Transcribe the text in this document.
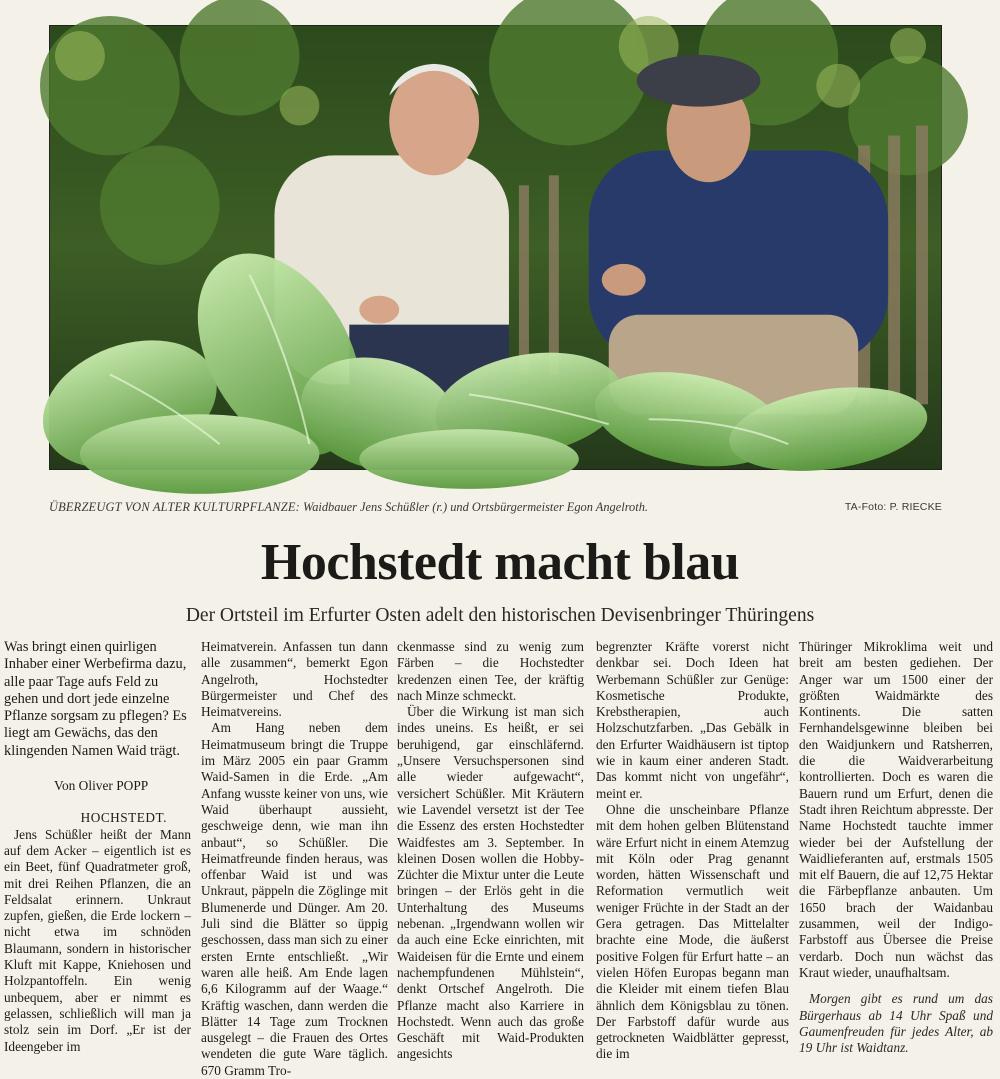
ÜBERZEUGT VON ALTER KULTURPFLANZE: Waidbauer Jens Schüßler (r.) und Ortsbürgermeister Egon Angelroth.	TA-Foto: P. RIECKE
Hochstedt macht blau
Der Ortsteil im Erfurter Osten adelt den historischen Devisenbringer Thüringens

Was bringt einen quirligen Inhaber einer Werbefirma dazu, alle paar Tage aufs Feld zu gehen und dort jede einzelne Pflanze sorgsam zu pflegen? Es liegt am Gewächs, das den klingenden Namen Waid trägt.

Von Oliver POPP

HOCHSTEDT.

Jens Schüßler heißt der Mann auf dem Acker – eigentlich ist es ein Beet, fünf Quadratmeter groß, mit drei Reihen Pflanzen, die an Feldsalat erinnern. Unkraut zupfen, gießen, die Erde lockern – nicht etwa im schnöden Blaumann, sondern in historischer Kluft mit Kappe, Kniehosen und Holzpantoffeln. Ein wenig unbequem, aber er nimmt es gelassen, schließlich will man ja stolz sein im Dorf. „Er ist der Ideengeber im

Heimatverein. Anfassen tun dann alle zusammen“, bemerkt Egon Angelroth, Hochstedter Bürgermeister und Chef des Heimatvereins.

Am Hang neben dem Heimatmuseum bringt die Truppe im März 2005 ein paar Gramm Waid-Samen in die Erde. „Am Anfang wusste keiner von uns, wie Waid überhaupt aussieht, geschweige denn, wie man ihn anbaut“, so Schüßler. Die Heimatfreunde finden heraus, was offenbar Waid ist und was Unkraut, päppeln die Zöglinge mit Blumenerde und Dünger. Am 20. Juli sind die Blätter so üppig geschossen, dass man sich zu einer ersten Ernte entschließt. „Wir waren alle heiß. Am Ende lagen 6,6 Kilogramm auf der Waage.“ Kräftig waschen, dann werden die Blätter 14 Tage zum Trocknen ausgelegt – die Frauen des Ortes wendeten die gute Ware täglich. 670 Gramm Tro-

ckenmasse sind zu wenig zum Färben – die Hochstedter kredenzen einen Tee, der kräftig nach Minze schmeckt.

Über die Wirkung ist man sich indes uneins. Es heißt, er sei beruhigend, gar einschläfernd. „Unsere Versuchspersonen sind alle wieder aufgewacht“, versichert Schüßler. Mit Kräutern wie Lavendel versetzt ist der Tee die Essenz des ersten Hochstedter Waidfestes am 3. September. In kleinen Dosen wollen die Hobby-Züchter die Mixtur unter die Leute bringen – der Erlös geht in die Unterhaltung des Museums nebenan. „Irgendwann wollen wir da auch eine Ecke einrichten, mit Waideisen für die Ernte und einem nachempfundenen Mühlstein“, denkt Ortschef Angelroth. Die Pflanze macht also Karriere in Hochstedt. Wenn auch das große Geschäft mit Waid-Produkten angesichts

begrenzter Kräfte vorerst nicht denkbar sei. Doch Ideen hat Werbemann Schüßler zur Genüge: Kosmetische Produkte, Krebstherapien, auch Holzschutzfarben. „Das Gebälk in den Erfurter Waidhäusern ist tiptop wie in kaum einer anderen Stadt. Das kommt nicht von ungefähr“, meint er.

Ohne die unscheinbare Pflanze mit dem hohen gelben Blütenstand wäre Erfurt nicht in einem Atemzug mit Köln oder Prag genannt worden, hätten Wissenschaft und Reformation vermutlich weit weniger Früchte in der Stadt an der Gera getragen. Das Mittelalter brachte eine Mode, die äußerst positive Folgen für Erfurt hatte – an vielen Höfen Europas begann man die Kleider mit einem tiefen Blau ähnlich dem Königsblau zu tönen. Der Farbstoff dafür wurde aus getrockneten Waidblätter gepresst, die im

Thüringer Mikroklima weit und breit am besten gediehen. Der Anger war um 1500 einer der größten Waidmärkte des Kontinents. Die satten Fernhandelsgewinne bleiben bei den Waidjunkern und Ratsherren, die die Waidverarbeitung kontrollierten. Doch es waren die Bauern rund um Erfurt, denen die Stadt ihren Reichtum abpresste. Der Name Hochstedt tauchte immer wieder bei der Aufstellung der Waidlieferanten auf, erstmals 1505 mit elf Bauern, die auf 12,75 Hektar die Färbepflanze anbauten. Um 1650 brach der Waidanbau zusammen, weil der Indigo-Farbstoff aus Übersee die Preise verdarb. Doch nun wächst das Kraut wieder, unaufhaltsam.

Morgen gibt es rund um das Bürgerhaus ab 14 Uhr Spaß und Gaumenfreuden für jedes Alter, ab 19 Uhr ist Waidtanz.
